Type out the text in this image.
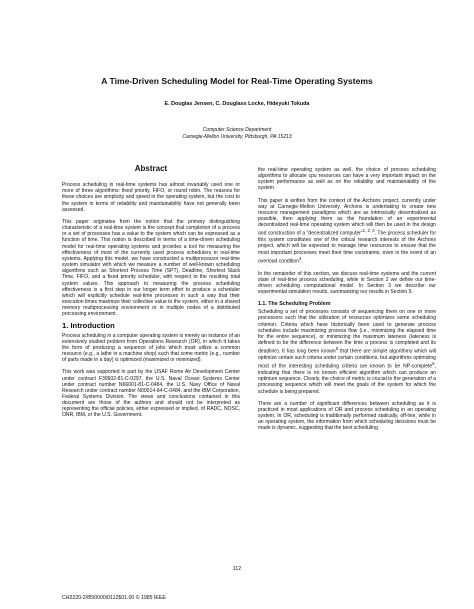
A Time-Driven Scheduling Model for Real-Time Operating Systems
E. Douglas Jensen, C. Douglass Locke, Hideyuki Tokuda
Computer Science Department
Carnegie-Mellon University, Pittsburgh, PA 15213
Abstract

Process scheduling in real-time systems has almost invariably used one or more of three algorithms: fixed priority, FIFO, or round robin. The reasons for these choices are simplicity and speed in the operating system, but the cost to the system in terms of reliability and maintainability have not generally been assessed.

This paper originates from the notion that the primary distinguishing characteristic of a real-time system is the concept that completion of a process or a set of processes has a value to the system which can be expressed as a function of time. This notion is described in terms of a time-driven scheduling model for real-time operating systems and provides a tool for measuring the effectiveness of most of the currently used process schedulers in real-time systems. Applying this model, we have constructed a multiprocessor real-time system simulator with which we measure a number of well-known scheduling algorithms such as Shortest Process Time (SPT), Deadline, Shortest Slack Time, FIFO, and a fixed priority scheduler, with respect to the resulting total system values. This approach to measuring the process scheduling effectiveness is a first step in our longer term effort to produce a scheduler which will explicitly schedule real-time processes in such a way that their execution times maximize their collective value to the system, either in a shared memory multiprocessing environment or in multiple nodes of a distributed processing environment.

1. Introduction

Process scheduling in a computer operating system is merely an instance of an extensively studied problem from Operations Research (OR), in which it takes the form of producing a sequence of jobs which must utilize a common resource (e.g., a lathe in a machine shop) such that some metric (e.g., number of parts made in a day) is optimized (maximized or minimized).

This work was supported in part by the USAF Rome Air Development Center under contract F30602-81-C-0297, the U.S. Naval Ocean Systems Center under contract number N66001-81-C-0484, the U.S. Navy Office of Naval Research under contract number N00014-84-C-0484, and the IBM Corporation, Federal Systems Division. The views and conclusions contained in this document are those of the authors and should not be interpreted as representing the official policies, either expressed or implied, of RADC, NOSC, ONR, IBM, or the U.S. Government.

the real-time operating system as well, the choice of process scheduling algorithms to allocate cpu resources can have a very important impact on the system performance as well as on the reliability and maintainability of the system.

This paper is written from the context of the Archons project, currently under way at Carnegie-Mellon University. Archons is undertaking to create new resource management paradigms which are as intrinsically decentralized as possible, then applying them as the foundation of an experimental decentralized real-time operating system which will then be used in the design and construction of a "decentralized computer"$^{1, 2, 3}$. The process scheduler for this system constitutes one of the critical research interests of the Archons project, which will be expected to manage time resources to ensure that the most important processes meet their time constraints, even in the event of an overload condition$^4$.

In the remainder of this section, we discuss real-time systems and the current state of real-time process scheduling, while in Section 2 we define our time-driven scheduling computational model. In Section 3 we describe our experimental simulation results, summarizing our results in Section 5.

1.1. The Scheduling Problem

Scheduling a set of processes consists of sequencing them on one or more processors such that the utilization of resources optimizes some scheduling criterion. Criteria which have historically been used to generate process schedules include maximizing process flow (i.e., minimizing the elapsed time for the entire sequence), or minimizing the maximum lateness (lateness is defined to be the difference between the time a process is completed and its deadline). It has long been known$^5$ that there are simple algorithms which will optimize certain such criteria under certain conditions, but algorithms optimizing most of the interesting scheduling criteria are known to be NP-complete$^6$, indicating that there is no known efficient algorithm which can produce an optimum sequence. Clearly, the choice of metric is crucial to the generation of a processing sequence which will meet the goals of the system for which the schedule is being prepared.

There are a number of significant differences between scheduling as it is practiced in most applications of OR and process scheduling in an operating system. In OR, scheduling is traditionally performed statically, off-line, while in an operating system, the information from which scheduling decisions must be made is dynamic, suggesting that the best scheduling

112
CH2220-2/85/0000/0112$01.00 © 1985 IEEE
